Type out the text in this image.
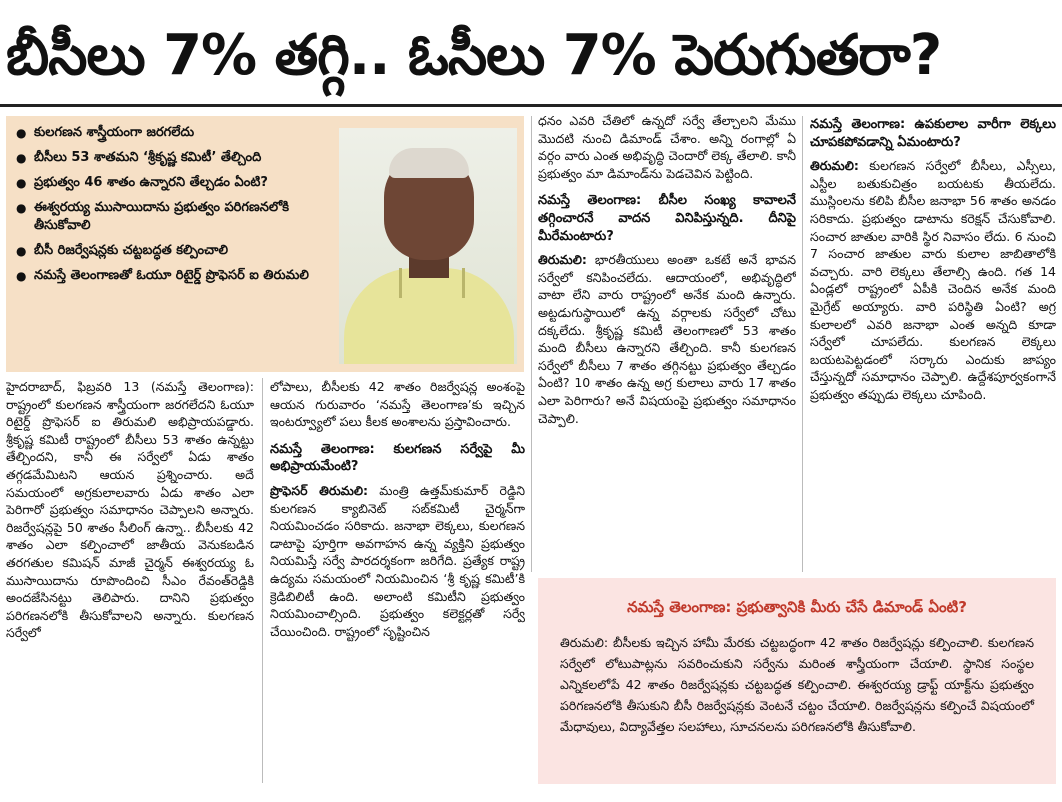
బీసీలు 7% తగ్గి.. ఓసీలు 7% పెరుగుతరా?
● కులగణన శాస్త్రీయంగా జరగలేదు
● బీసీలు 53 శాతమని ‘శ్రీకృష్ణ కమిటీ’ తేల్చింది
● ప్రభుత్వం 46 శాతం ఉన్నారని తేల్చడం ఏంటి?
● ఈశ్వరయ్య ముసాయిదాను ప్రభుత్వం పరిగణనలోకి తీసుకోవాలి
● బీసీ రిజర్వేషన్లకు చట్టబద్ధత కల్పించాలి
● నమస్తే తెలంగాణతో ఓయూ రిటైర్డ్ ప్రొఫెసర్ ఐ తిరుమలి

హైదరాబాద్, ఫిబ్రవరి 13 (నమస్తే తెలంగాణ): రాష్ట్రంలో కులగణన శాస్త్రీయంగా జరగలేదని ఓయూ రిటైర్డ్ ప్రొఫెసర్ ఐ తిరుమలి అభిప్రాయపడ్డారు. శ్రీకృష్ణ కమిటీ రాష్ట్రంలో బీసీలు 53 శాతం ఉన్నట్టు తేల్చిందని, కానీ ఈ సర్వేలో ఏడు శాతం తగ్గడమేమిటని ఆయన ప్రశ్నించారు. అదే సమయంలో అగ్రకులాలవారు ఏడు శాతం ఎలా పెరిగారో ప్రభుత్వం సమాధానం చెప్పాలని అన్నారు. రిజర్వేషన్లపై 50 శాతం సీలింగ్ ఉన్నా.. బీసీలకు 42 శాతం ఎలా కల్పించాలో జాతీయ వెనుకబడిన తరగతుల కమిషన్ మాజీ చైర్మన్ ఈశ్వరయ్య ఓ ముసాయిదాను రూపొందించి సీఎం రేవంత్‌రెడ్డికి అందజేసినట్టు తెలిపారు. దానిని ప్రభుత్వం పరిగణనలోకి తీసుకోవాలని అన్నారు. కులగణన సర్వేలో

లోపాలు, బీసీలకు 42 శాతం రిజర్వేషన్ల అంశంపై ఆయన గురువారం ‘నమస్తే తెలంగాణ’కు ఇచ్చిన ఇంటర్వ్యూలో పలు కీలక అంశాలను ప్రస్తావించారు.

నమస్తే తెలంగాణ: కులగణన సర్వేపై మీ అభిప్రాయమేంటి?

ప్రొఫెసర్ తిరుమలి: మంత్రి ఉత్తమ్‌కుమార్ రెడ్డిని కులగణన క్యాబినెట్ సబ్‌కమిటీ చైర్మన్‌గా నియమించడం సరికాదు. జనాభా లెక్కలు, కులగణన డాటాపై పూర్తిగా అవగాహన ఉన్న వ్యక్తిని ప్రభుత్వం నియమిస్తే సర్వే పారదర్శకంగా జరిగేది. ప్రత్యేక రాష్ట్ర ఉద్యమ సమయంలో నియమించిన ‘శ్రీ కృష్ణ కమిటీ’కి క్రెడిబిలిటీ ఉంది. అలాంటి కమిటీని ప్రభుత్వం నియమించాల్సింది. ప్రభుత్వం కలెక్టర్లతో సర్వే చేయించింది. రాష్ట్రంలో సృష్టించిన

ధనం ఎవరి చేతిలో ఉన్నదో సర్వే తేల్చాలని మేము మొదటి నుంచి డిమాండ్ చేశాం. అన్ని రంగాల్లో ఏ వర్గం వారు ఎంత అభివృద్ధి చెందారో లెక్క తేలాలి. కానీ ప్రభుత్వం మా డిమాండ్‌ను పెడచెవిన పెట్టింది.

నమస్తే తెలంగాణ: బీసీల సంఖ్య కావాలనే తగ్గించారనే వాదన వినిపిస్తున్నది. దీనిపై మీరేమంటారు?

తిరుమలి: భారతీయులు అంతా ఒకటే అనే భావన సర్వేలో కనిపించలేదు. ఆదాయంలో, అభివృద్ధిలో వాటా లేని వారు రాష్ట్రంలో అనేక మంది ఉన్నారు. అట్టడుగుస్థాయిలో ఉన్న వర్గాలకు సర్వేలో చోటు దక్కలేదు. శ్రీకృష్ణ కమిటీ తెలంగాణలో 53 శాతం మంది బీసీలు ఉన్నారని తేల్చింది. కానీ కులగణన సర్వేలో బీసీలు 7 శాతం తగ్గినట్టు ప్రభుత్వం తేల్చడం ఏంటి? 10 శాతం ఉన్న అగ్ర కులాలు వారు 17 శాతం ఎలా పెరిగారు? అనే విషయంపై ప్రభుత్వం సమాధానం చెప్పాలి.

నమస్తే తెలంగాణ: ఉపకులాల వారీగా లెక్కలు చూపకపోవడాన్ని ఏమంటారు?

తిరుమలి: కులగణన సర్వేలో బీసీలు, ఎస్సీలు, ఎస్టీల బతుకుచిత్రం బయటకు తీయలేదు. ముస్లింలను కలిపి బీసీల జనాభా 56 శాతం అనడం సరికాదు. ప్రభుత్వం డాటాను కరెక్షన్ చేసుకోవాలి. సంచార జాతుల వారికి స్థిర నివాసం లేదు. 6 నుంచి 7 సంచార జాతుల వారు కులాల జాబితాలోకి వచ్చారు. వారి లెక్కలు తేలాల్సి ఉంది. గత 14 ఏండ్లలో రాష్ట్రంలో ఏపీకి చెందిన అనేక మంది మైగ్రేట్ అయ్యారు. వారి పరిస్థితి ఏంటి? అగ్ర కులాలలో ఎవరి జనాభా ఎంత అన్నది కూడా సర్వేలో చూపలేదు. కులగణన లెక్కలు బయటపెట్టడంలో సర్కారు ఎందుకు జాప్యం చేస్తున్నదో సమాధానం చెప్పాలి. ఉద్దేశపూర్వకంగానే ప్రభుత్వం తప్పుడు లెక్కలు చూపింది.

నమస్తే తెలంగాణ: ప్రభుత్వానికి మీరు చేసే డిమాండ్ ఏంటి?
తిరుమలి: బీసీలకు ఇచ్చిన హామీ మేరకు చట్టబద్ధంగా 42 శాతం రిజర్వేషన్లు కల్పించాలి. కులగణన సర్వేలో లోటుపాట్లను సవరించుకుని సర్వేను మరింత శాస్త్రీయంగా చేయాలి. స్థానిక సంస్థల ఎన్నికలలోపే 42 శాతం రిజర్వేషన్లకు చట్టబద్ధత కల్పించాలి. ఈశ్వరయ్య డ్రాఫ్ట్ యాక్ట్‌ను ప్రభుత్వం పరిగణనలోకి తీసుకుని బీసీ రిజర్వేషన్లకు వెంటనే చట్టం చేయాలి. రిజర్వేషన్లను కల్పించే విషయంలో మేధావులు, విద్యావేత్తల సలహాలు, సూచనలను పరిగణనలోకి తీసుకోవాలి.
